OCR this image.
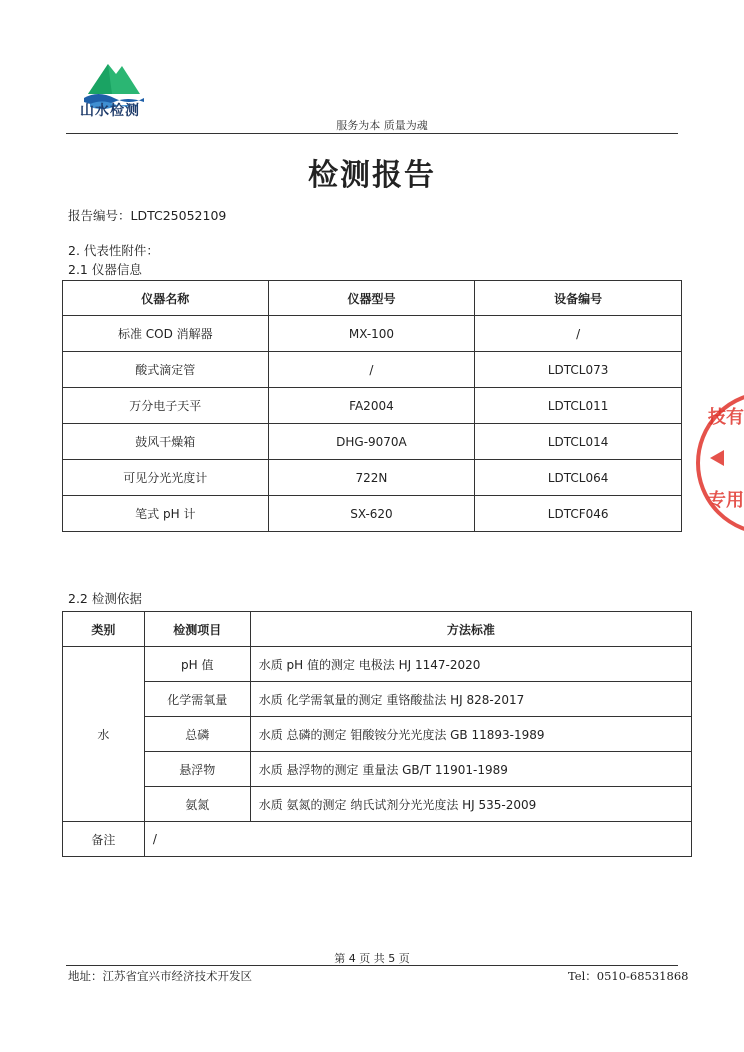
山水检测
服务为本 质量为魂
检测报告
报告编号：LDTC25052109
2. 代表性附件：
2.1 仪器信息
仪器名称	仪器型号	设备编号
标准 COD 消解器	MX-100	/
酸式滴定管	/	LDTCL073
万分电子天平	FA2004	LDTCL011
鼓风干燥箱	DHG-9070A	LDTCL014
可见分光光度计	722N	LDTCL064
笔式 pH 计	SX-620	LDTCF046
2.2 检测依据
类别	检测项目	方法标准
水	pH 值	水质 pH 值的测定 电极法 HJ 1147-2020
	化学需氧量	水质 化学需氧量的测定 重铬酸盐法 HJ 828-2017
	总磷	水质 总磷的测定 钼酸铵分光光度法 GB 11893-1989
	悬浮物	水质 悬浮物的测定 重量法 GB/T 11901-1989
	氨氮	水质 氨氮的测定 纳氏试剂分光光度法 HJ 535-2009
备注	/	
技有
专用
第 4 页 共 5 页
地址：江苏省宜兴市经济技术开发区	Tel：0510-68531868
